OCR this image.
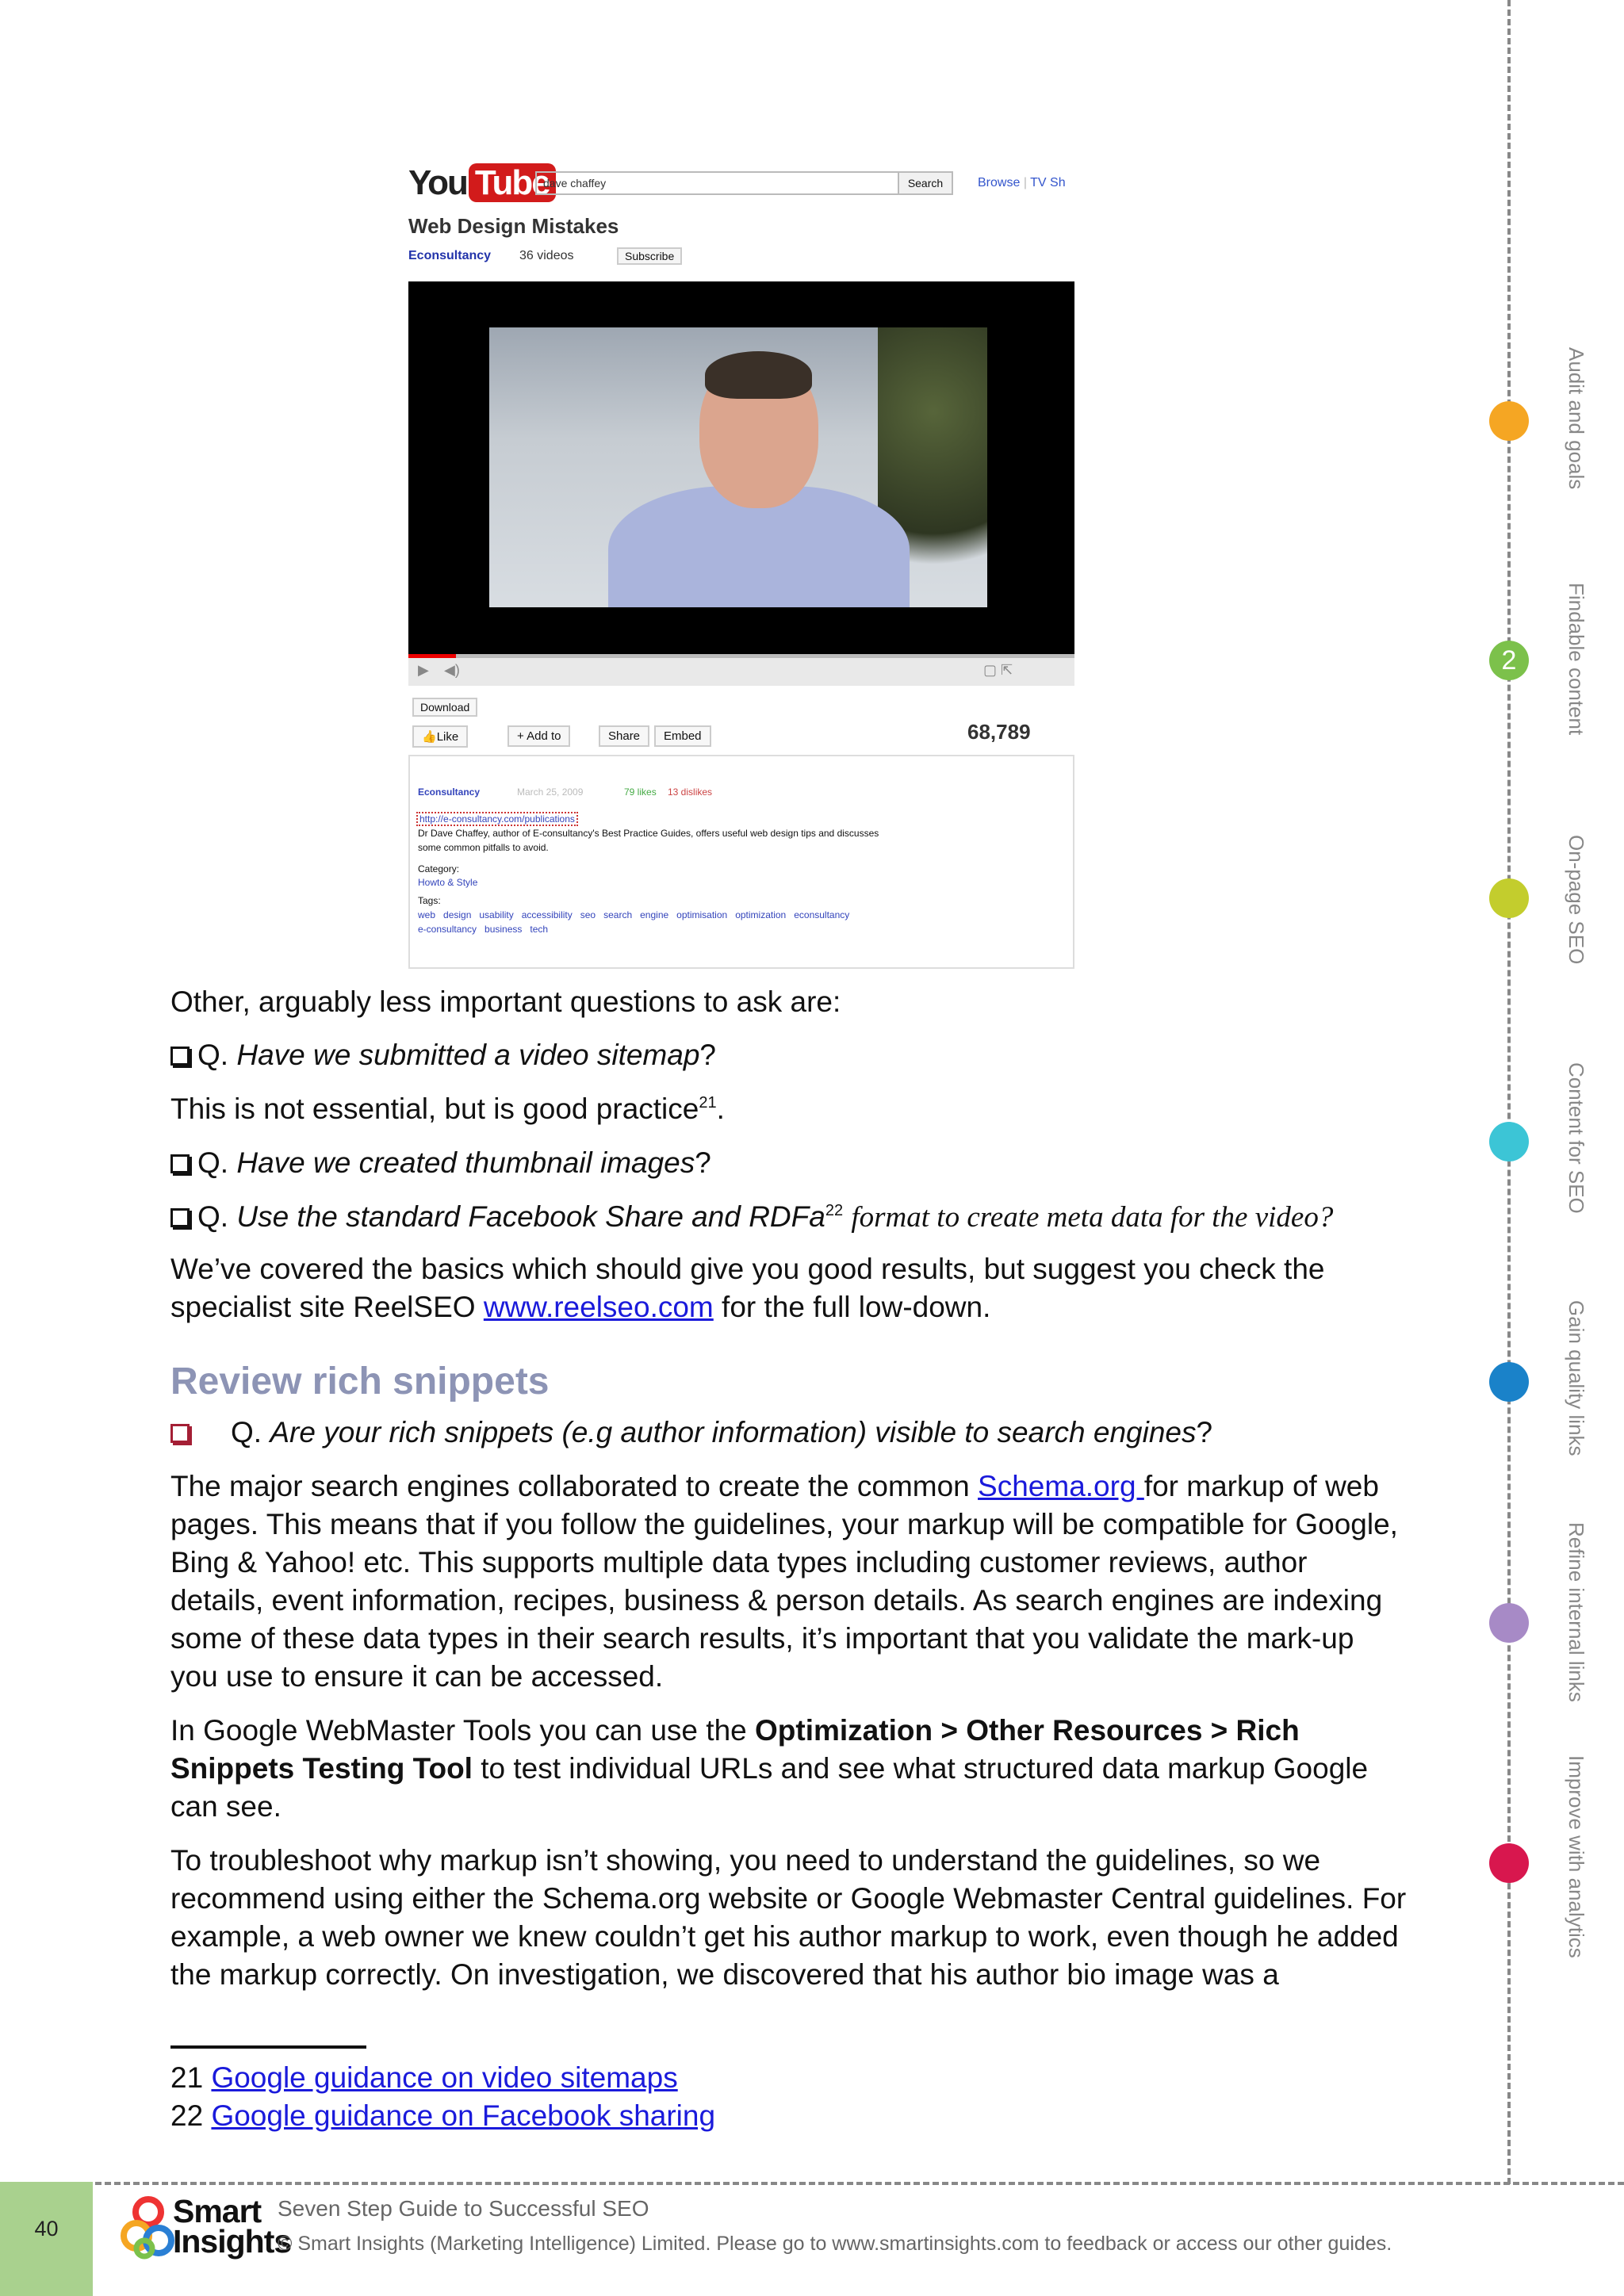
You Tube
dave chaffey	Search	Browse | TV Sh
Web Design Mistakes
Econsultancy 36 videos	Subscribe
▶ ◀)	▢ ⇱
Download
👍Like	+ Add to	Share	Embed	68,789
Econsultancy	March 25, 2009	79 likes 13 dislikes
http://e-consultancy.com/publications
Dr Dave Chaffey, author of E-consultancy's Best Practice Guides, offers useful web design tips and discusses
some common pitfalls to avoid.
Category:
Howto & Style
Tags:
web   design   usability   accessibility   seo   search   engine   optimisation   optimization   econsultancy
e-consultancy   business   tech
Other, arguably less important questions to ask are:
Q. Have we submitted a video sitemap?
This is not essential, but is good practice$^{21}$.
Q. Have we created thumbnail images?
Q. Use the standard Facebook Share and RDFa$^{22}$ format to create meta data for the video?
We’ve covered the basics which should give you good results, but suggest you check the specialist site ReelSEO www.reelseo.com for the full low-down.
Review rich snippets
Q. Are your rich snippets (e.g author information) visible to search engines?
The major search engines collaborated to create the common Schema.org for markup of web pages. This means that if you follow the guidelines, your markup will be compatible for Google, Bing & Yahoo! etc. This supports multiple data types including customer reviews, author details, event information, recipes, business & person details. As search engines are indexing some of these data types in their search results, it’s important that you validate the mark-up you use to ensure it can be accessed.
In Google WebMaster Tools you can use the Optimization > Other Resources > Rich Snippets Testing Tool to test individual URLs and see what structured data markup Google can see.
To troubleshoot why markup isn’t showing, you need to understand the guidelines, so we recommend using either the Schema.org website or Google Webmaster Central guidelines. For example, a web owner we knew couldn’t get his author markup to work, even though he added the markup correctly. On investigation, we discovered that his author bio image was a
21 Google guidance on video sitemaps
22 Google guidance on Facebook sharing
2
Audit and goals
Findable content
On-page SEO
Content for SEO
Gain quality links
Refine internal links
Improve with analytics
40	Smart
Insights
Seven Step Guide to Successful SEO
© Smart Insights (Marketing Intelligence) Limited. Please go to www.smartinsights.com to feedback or access our other guides.
